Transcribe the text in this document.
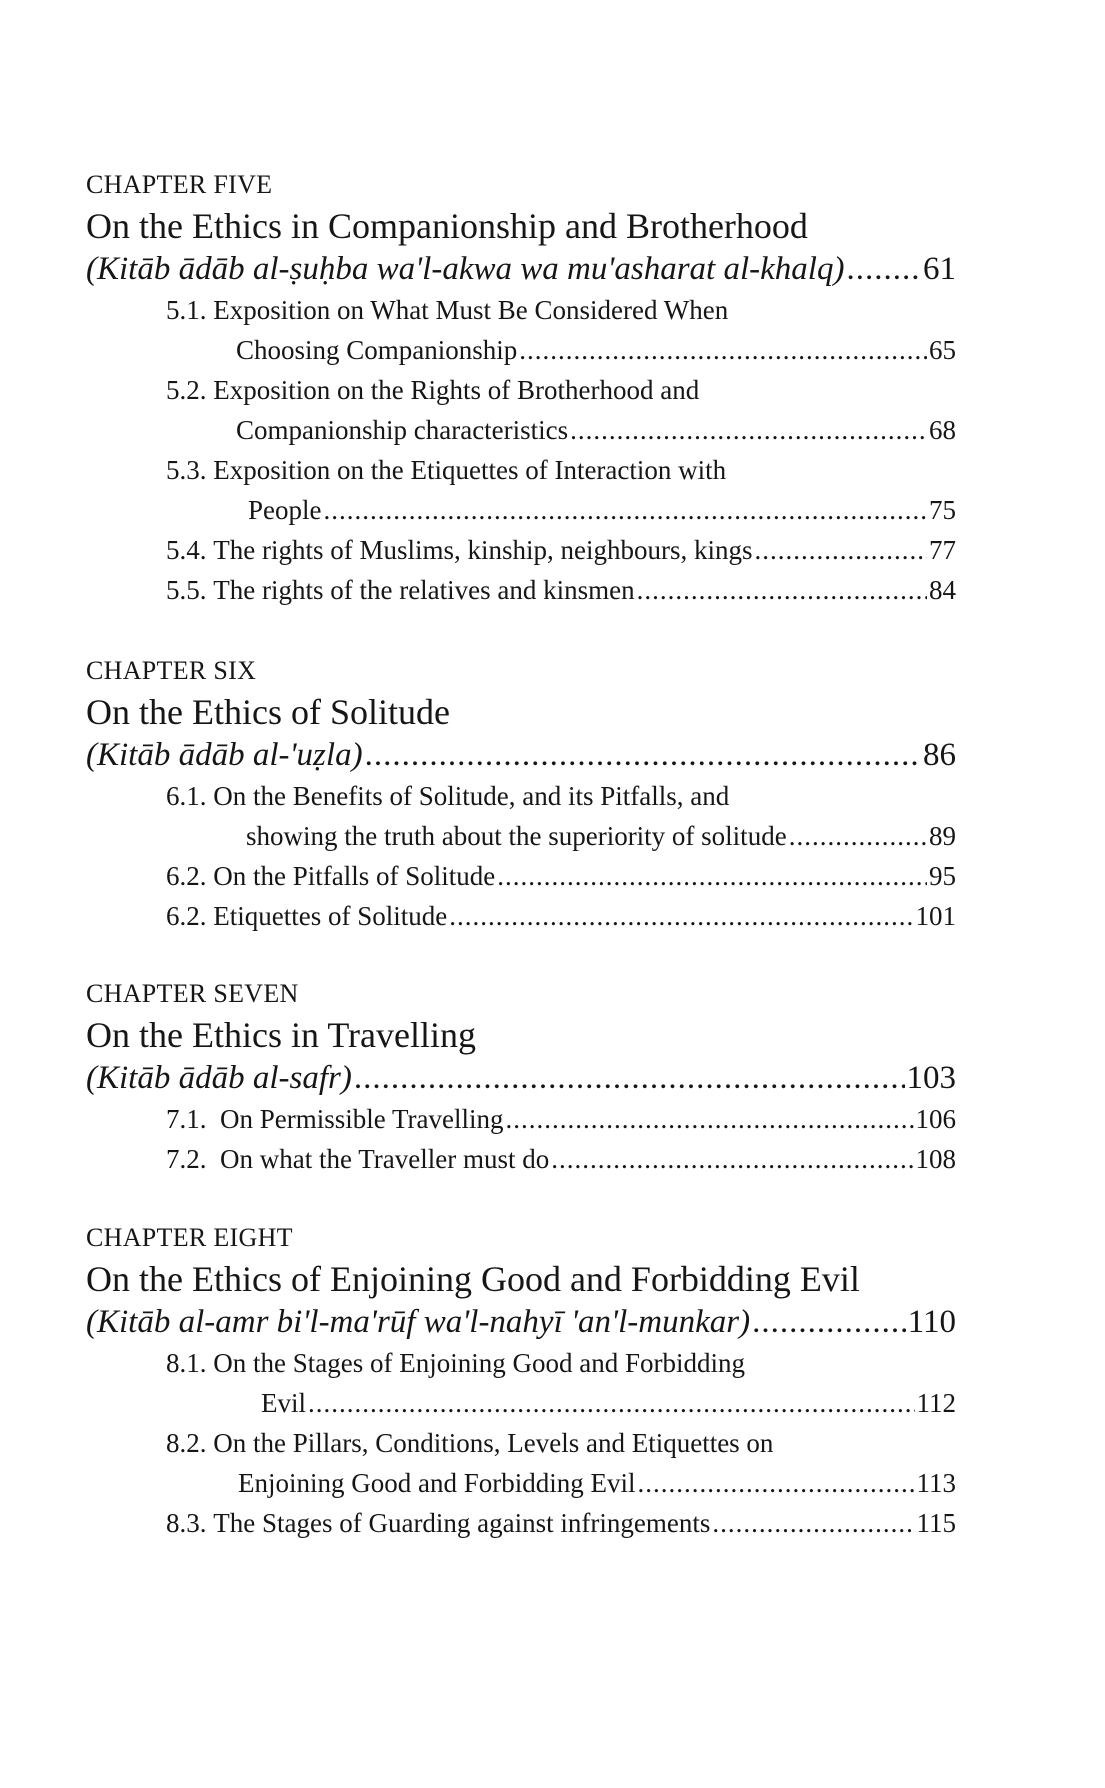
CHAPTER FIVE
On the Ethics in Companionship and Brotherhood
(Kitāb ādāb al-ṣuḥba wa'l-akwa wa mu'asharat al-khalq) ..... 61
5.1. Exposition on What Must Be Considered When
Choosing Companionship .....	65
5.2. Exposition on the Rights of Brotherhood and
Companionship characteristics .....	68
5.3. Exposition on the Etiquettes of Interaction with
People .....	75
5.4.
The rights of Muslims, kinship, neighbours, kings .....	77
5.5.
The rights of the relatives and kinsmen .....	84
CHAPTER SIX
On the Ethics of Solitude
(Kitāb ādāb al-'uẓla) .....	86
6.1. On the Benefits of Solitude, and its Pitfalls, and
showing the truth about the superiority of solitude .....	89
6.2.
On the Pitfalls of Solitude .....	95
6.2.
Etiquettes of Solitude .....	101
CHAPTER SEVEN
On the Ethics in Travelling
(Kitāb ādāb al-safr) .....	103
7.1.
On Permissible Travelling .....	106
7.2.
On what the Traveller must do .....	108
CHAPTER EIGHT
On the Ethics of Enjoining Good and Forbidding Evil
(Kitāb al-amr bi'l-ma'rūf wa'l-nahyī 'an'l-munkar) .....	110
8.1. On the Stages of Enjoining Good and Forbidding
Evil .....	112
8.2. On the Pillars, Conditions, Levels and Etiquettes on
Enjoining Good and Forbidding Evil .....	113
8.3.
The Stages of Guarding against infringements .....	115
